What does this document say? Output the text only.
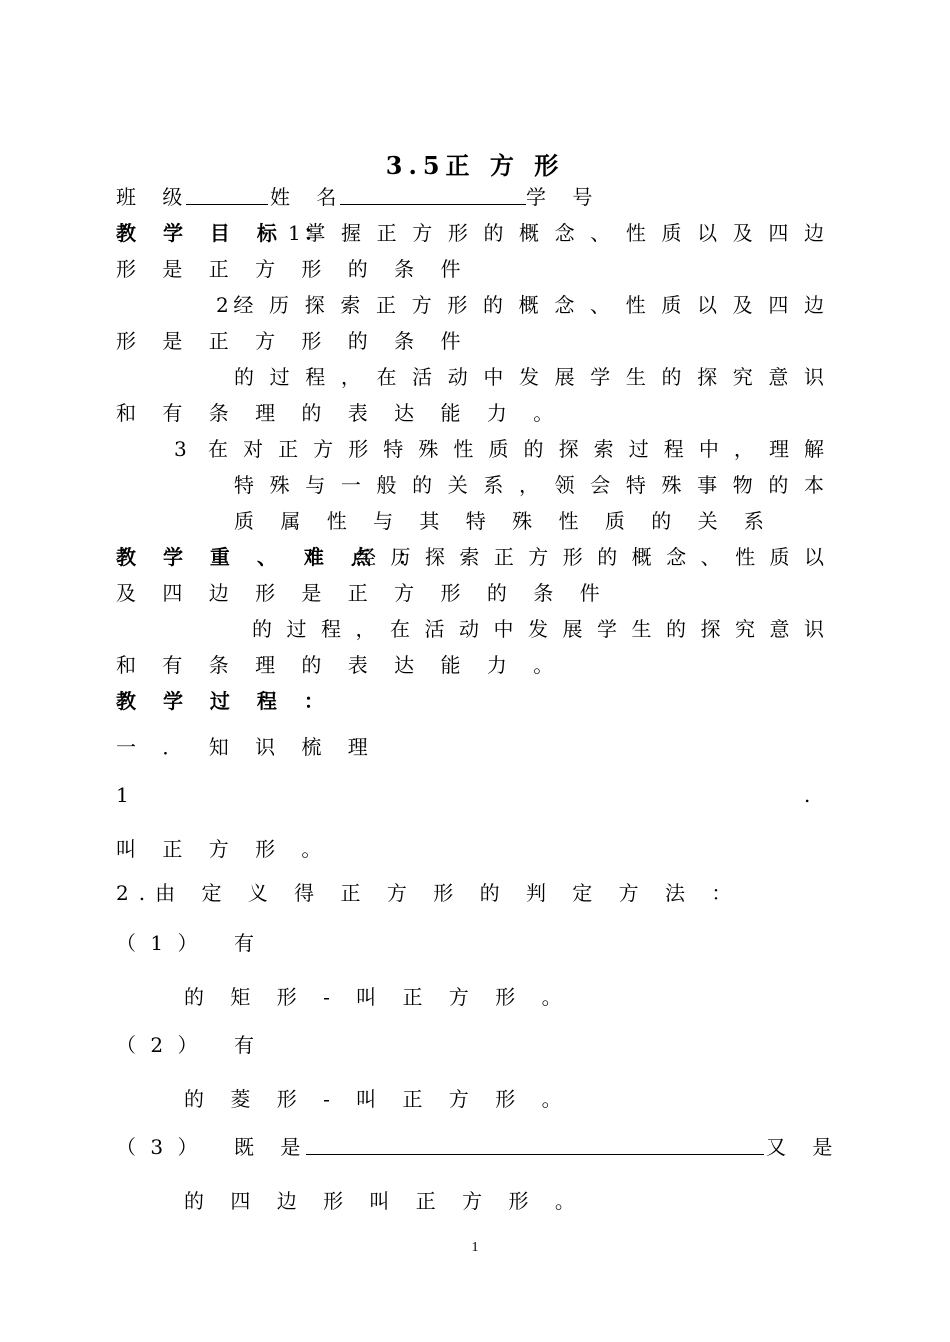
3.5正 方 形
班 级	姓 名	学 号
教 学 目 标 ：
1掌 握 正 方 形 的 概 念 、 性 质 以 及 四 边
形 是 正 方 形 的 条 件
2经 历 探 索 正 方 形 的 概 念 、 性 质 以 及 四 边
形 是 正 方 形 的 条 件
的 过 程 ， 在 活 动 中 发 展 学 生 的 探 究 意 识
和 有 条 理 的 表 达 能 力 。
3 在 对 正 方 形 特 殊 性 质 的 探 索 过 程 中 ， 理 解
特 殊 与 一 般 的 关 系 ， 领 会 特 殊 事 物 的 本
质 属 性 与 其 特 殊 性 质 的 关 系
教 学 重 、 难 点 ：
经 历 探 索 正 方 形 的 概 念 、 性 质 以
及 四 边 形 是 正 方 形 的 条 件
的 过 程 ， 在 活 动 中 发 展 学 生 的 探 究 意 识
和 有 条 理 的 表 达 能 力 。
教 学 过 程 ：
一 ． 知 识 梳 理
1	.
叫 正 方 形 。
2.由 定 义 得 正 方 形 的 判 定 方 法 ：
（ 1 ） 有
的 矩 形 - 叫 正 方 形 。
（ 2 ） 有
的 菱 形 - 叫 正 方 形 。
（ 3 ） 既 是	又 是
的 四 边 形 叫 正 方 形 。
1
